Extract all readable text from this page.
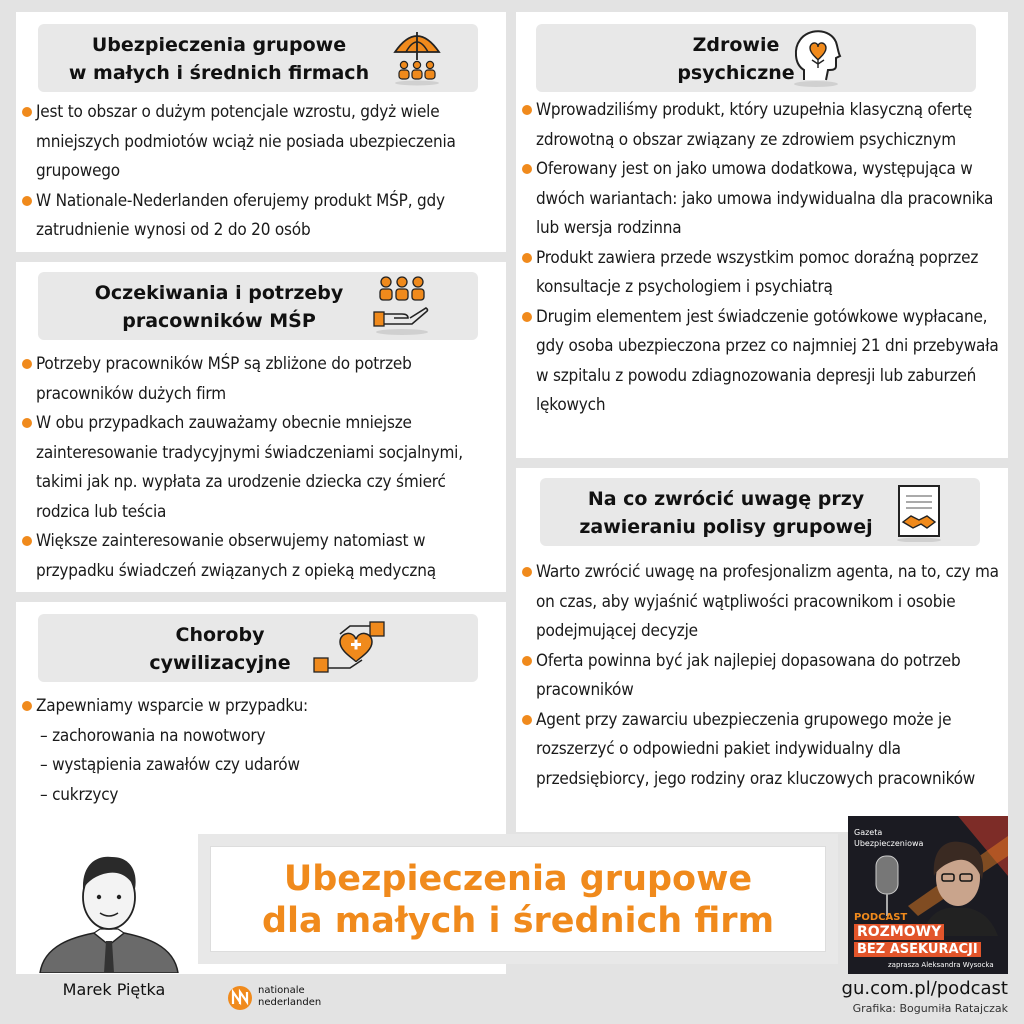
Ubezpieczenia grupowe
w małych i średnich firmach
Jest to obszar o dużym potencjale wzrostu, gdyż wiele mniejszych podmiotów wciąż nie posiada ubezpieczenia grupowego
W Nationale-Nederlanden oferujemy produkt MŚP, gdy zatrudnienie wynosi od 2 do 20 osób
Oczekiwania i potrzeby
pracowników MŚP
Potrzeby pracowników MŚP są zbliżone do potrzeb pracowników dużych firm
W obu przypadkach zauważamy obecnie mniejsze zainteresowanie tradycyjnymi świadczeniami socjalnymi, takimi jak np. wypłata za urodzenie dziecka czy śmierć rodzica lub teścia
Większe zainteresowanie obserwujemy natomiast w przypadku świadczeń związanych z opieką medyczną
Choroby
cywilizacyjne
Zapewniamy wsparcie w przypadku:
– zachorowania na nowotwory
– wystąpienia zawałów czy udarów
– cukrzycy
Zdrowie
psychiczne
Wprowadziliśmy produkt, który uzupełnia klasyczną ofertę zdrowotną o obszar związany ze zdrowiem psychicznym
Oferowany jest on jako umowa dodatkowa, występująca w dwóch wariantach: jako umowa indywidualna dla pracownika lub wersja rodzinna
Produkt zawiera przede wszystkim pomoc doraźną poprzez konsultacje z psychologiem i psychiatrą
Drugim elementem jest świadczenie gotówkowe wypłacane, gdy osoba ubezpieczona przez co najmniej 21 dni przebywała w szpitalu z powodu zdiagnozowania depresji lub zaburzeń lękowych
Na co zwrócić uwagę przy
zawieraniu polisy grupowej
Warto zwrócić uwagę na profesjonalizm agenta, na to, czy ma on czas, aby wyjaśnić wątpliwości pracownikom i osobie podejmującej decyzje
Oferta powinna być jak najlepiej dopasowana do potrzeb pracowników
Agent przy zawarciu ubezpieczenia grupowego może je rozszerzyć o odpowiedni pakiet indywidualny dla przedsiębiorcy, jego rodziny oraz kluczowych pracowników
Marek Piętka	nationale
nederlanden
Ubezpieczenia grupowe
dla małych i średnich firm
Gazeta
Ubezpieczeniowa
PODCAST
ROZMOWY
BEZ ASEKURACJI
zaprasza Aleksandra Wysocka
gu.com.pl/podcast
Grafika: Bogumiła Ratajczak
